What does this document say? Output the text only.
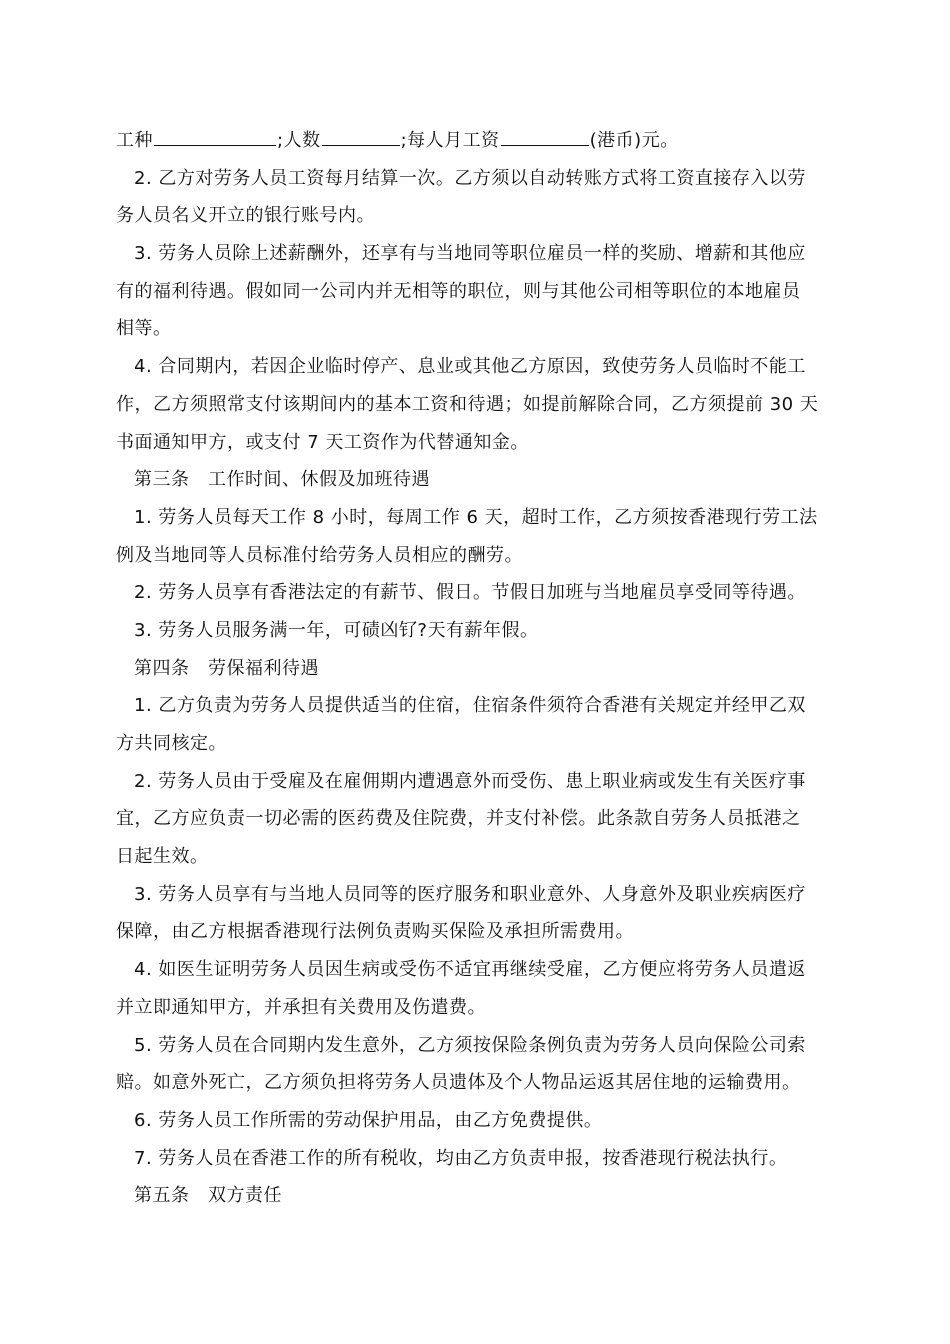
工种	;人数	;每人月工资	(港币)元。
2. 乙方对劳务人员工资每月结算一次。乙方须以自动转账方式将工资直接存入以劳
务人员名义开立的银行账号内。
3. 劳务人员除上述薪酬外，还享有与当地同等职位雇员一样的奖励、增薪和其他应
有的福利待遇。假如同一公司内并无相等的职位，则与其他公司相等职位的本地雇员
相等。
4. 合同期内，若因企业临时停产、息业或其他乙方原因，致使劳务人员临时不能工
作，乙方须照常支付该期间内的基本工资和待遇；如提前解除合同，乙方须提前 30 天
书面通知甲方，或支付 7 天工资作为代替通知金。
第三条　工作时间、休假及加班待遇
1. 劳务人员每天工作 8 小时，每周工作 6 天，超时工作，乙方须按香港现行劳工法
例及当地同等人员标准付给劳务人员相应的酬劳。
2. 劳务人员享有香港法定的有薪节、假日。节假日加班与当地雇员享受同等待遇。
3. 劳务人员服务满一年，可碛凶钌?天有薪年假。
第四条　劳保福利待遇
1. 乙方负责为劳务人员提供适当的住宿，住宿条件须符合香港有关规定并经甲乙双
方共同核定。
2. 劳务人员由于受雇及在雇佣期内遭遇意外而受伤、患上职业病或发生有关医疗事
宜，乙方应负责一切必需的医药费及住院费，并支付补偿。此条款自劳务人员抵港之
日起生效。
3. 劳务人员享有与当地人员同等的医疗服务和职业意外、人身意外及职业疾病医疗
保障，由乙方根据香港现行法例负责购买保险及承担所需费用。
4. 如医生证明劳务人员因生病或受伤不适宜再继续受雇，乙方便应将劳务人员遣返
并立即通知甲方，并承担有关费用及伤遣费。
5. 劳务人员在合同期内发生意外，乙方须按保险条例负责为劳务人员向保险公司索
赔。如意外死亡，乙方须负担将劳务人员遗体及个人物品运返其居住地的运输费用。
6. 劳务人员工作所需的劳动保护用品，由乙方免费提供。
7. 劳务人员在香港工作的所有税收，均由乙方负责申报，按香港现行税法执行。
第五条　双方责任
